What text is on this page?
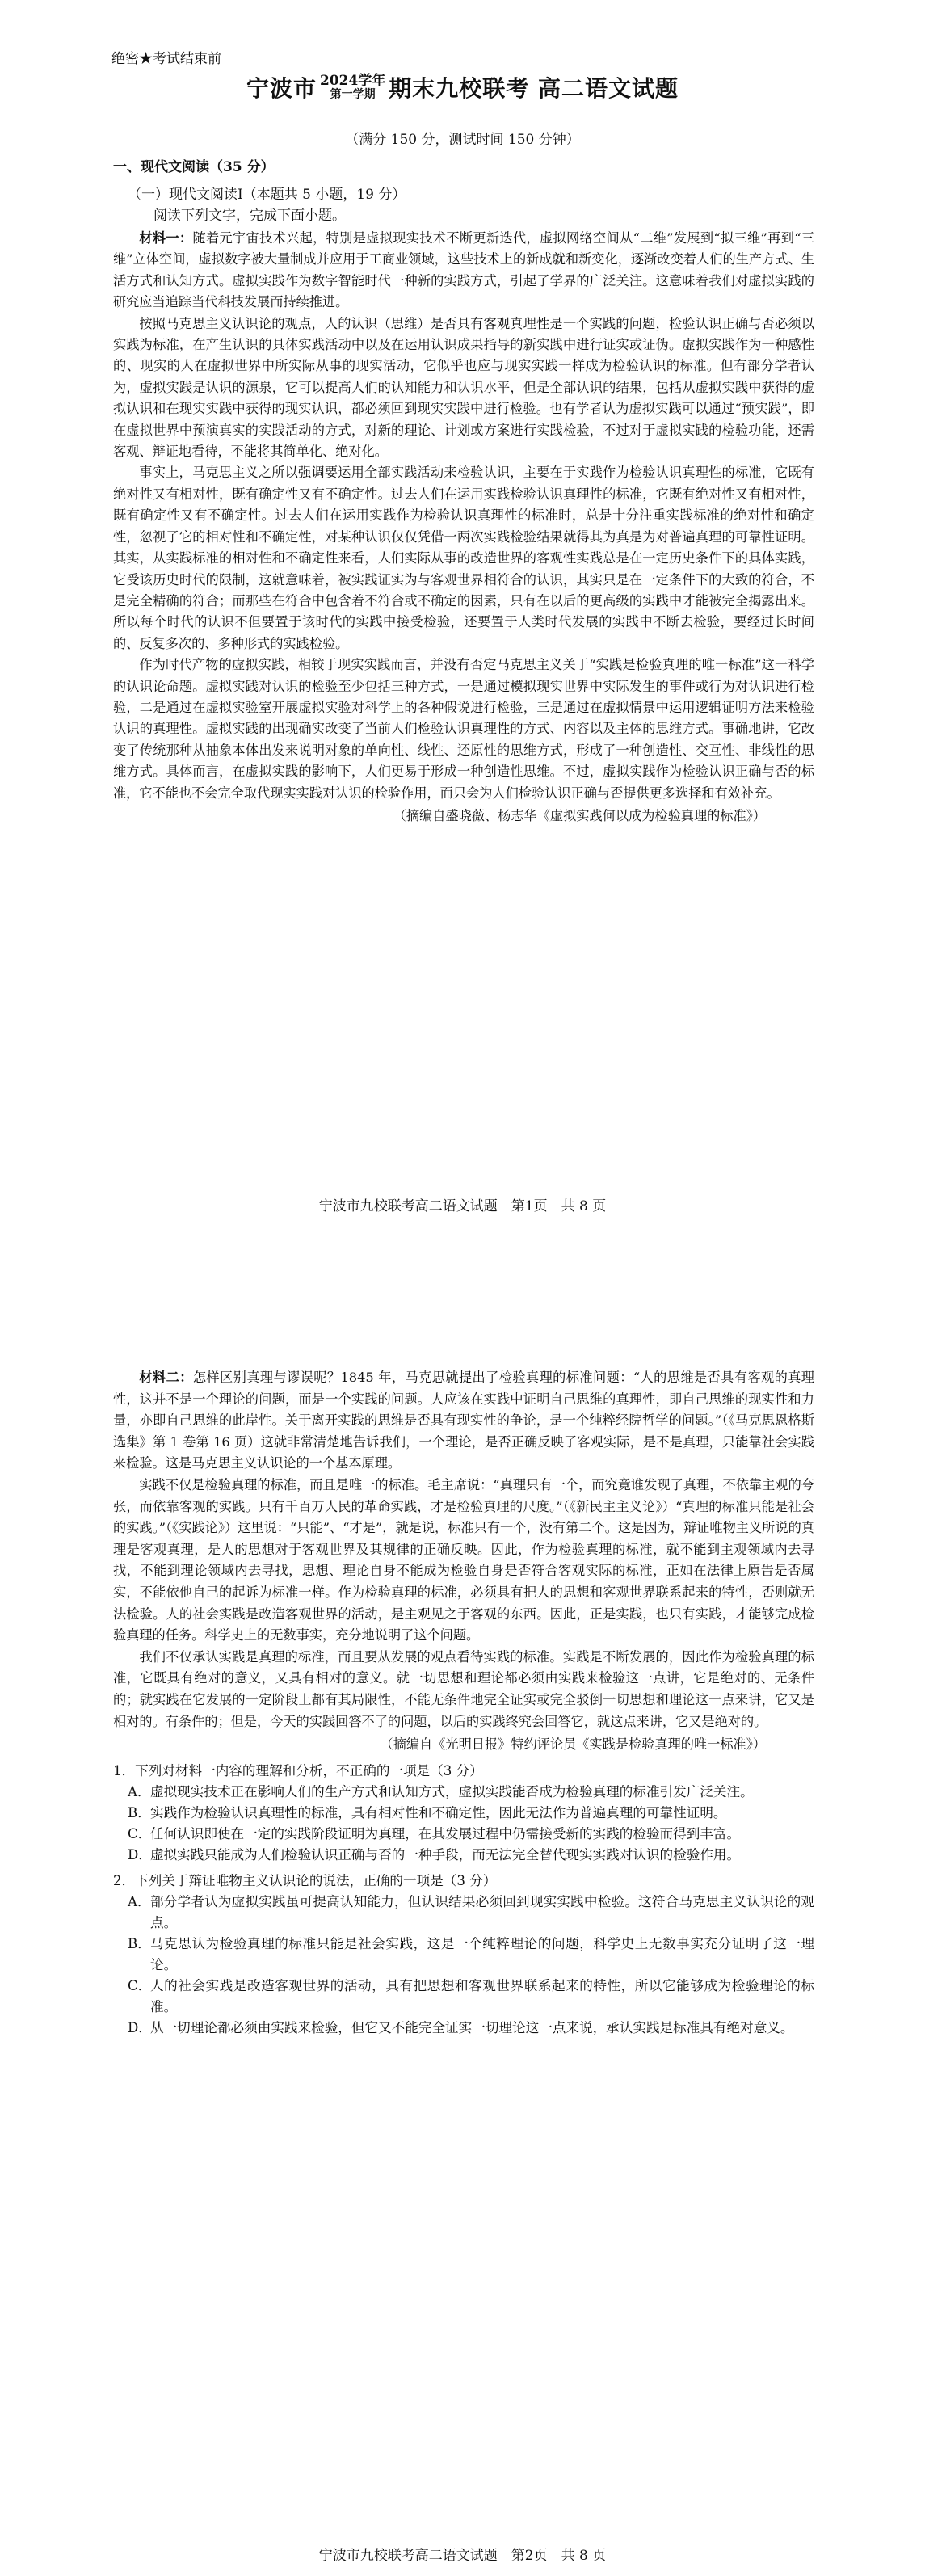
绝密★考试结束前
宁波市 2024学年
第一学期 期末九校联考 高二语文试题
（满分 150 分，测试时间 150 分钟）
一、现代文阅读（35 分）
（一）现代文阅读Ⅰ（本题共 5 小题，19 分）
阅读下列文字，完成下面小题。

材料一：随着元宇宙技术兴起，特别是虚拟现实技术不断更新迭代，虚拟网络空间从“二维”发展到“拟三维”再到“三维”立体空间，虚拟数字被大量制成并应用于工商业领域，这些技术上的新成就和新变化，逐渐改变着人们的生产方式、生活方式和认知方式。虚拟实践作为数字智能时代一种新的实践方式，引起了学界的广泛关注。这意味着我们对虚拟实践的研究应当追踪当代科技发展而持续推进。

按照马克思主义认识论的观点，人的认识（思维）是否具有客观真理性是一个实践的问题，检验认识正确与否必须以实践为标准，在产生认识的具体实践活动中以及在运用认识成果指导的新实践中进行证实或证伪。虚拟实践作为一种感性的、现实的人在虚拟世界中所实际从事的现实活动，它似乎也应与现实实践一样成为检验认识的标准。但有部分学者认为，虚拟实践是认识的源泉，它可以提高人们的认知能力和认识水平，但是全部认识的结果，包括从虚拟实践中获得的虚拟认识和在现实实践中获得的现实认识，都必须回到现实实践中进行检验。也有学者认为虚拟实践可以通过“预实践”，即在虚拟世界中预演真实的实践活动的方式，对新的理论、计划或方案进行实践检验，不过对于虚拟实践的检验功能，还需客观、辩证地看待，不能将其简单化、绝对化。

事实上，马克思主义之所以强调要运用全部实践活动来检验认识，主要在于实践作为检验认识真理性的标准，它既有绝对性又有相对性，既有确定性又有不确定性。过去人们在运用实践检验认识真理性的标准，它既有绝对性又有相对性，既有确定性又有不确定性。过去人们在运用实践作为检验认识真理性的标准时，总是十分注重实践标准的绝对性和确定性，忽视了它的相对性和不确定性，对某种认识仅仅凭借一两次实践检验结果就得其为真是为对普遍真理的可靠性证明。其实，从实践标准的相对性和不确定性来看，人们实际从事的改造世界的客观性实践总是在一定历史条件下的具体实践，它受该历史时代的限制，这就意味着，被实践证实为与客观世界相符合的认识，其实只是在一定条件下的大致的符合，不是完全精确的符合；而那些在符合中包含着不符合或不确定的因素，只有在以后的更高级的实践中才能被完全揭露出来。所以每个时代的认识不但要置于该时代的实践中接受检验，还要置于人类时代发展的实践中不断去检验，要经过长时间的、反复多次的、多种形式的实践检验。

作为时代产物的虚拟实践，相较于现实实践而言，并没有否定马克思主义关于“实践是检验真理的唯一标准”这一科学的认识论命题。虚拟实践对认识的检验至少包括三种方式，一是通过模拟现实世界中实际发生的事件或行为对认识进行检验，二是通过在虚拟实验室开展虚拟实验对科学上的各种假说进行检验，三是通过在虚拟情景中运用逻辑证明方法来检验认识的真理性。虚拟实践的出现确实改变了当前人们检验认识真理性的方式、内容以及主体的思维方式。事确地讲，它改变了传统那种从抽象本体出发来说明对象的单向性、线性、还原性的思维方式，形成了一种创造性、交互性、非线性的思维方式。具体而言，在虚拟实践的影响下，人们更易于形成一种创造性思维。不过，虚拟实践作为检验认识正确与否的标准，它不能也不会完全取代现实实践对认识的检验作用，而只会为人们检验认识正确与否提供更多选择和有效补充。

（摘编自盛晓薇、杨志华《虚拟实践何以成为检验真理的标准》）
宁波市九校联考高二语文试题　第1页　共 8 页

材料二：怎样区别真理与谬误呢？1845 年，马克思就提出了检验真理的标准问题：“人的思维是否具有客观的真理性，这并不是一个理论的问题，而是一个实践的问题。人应该在实践中证明自己思维的真理性，即自己思维的现实性和力量，亦即自己思维的此岸性。关于离开实践的思维是否具有现实性的争论，是一个纯粹经院哲学的问题。”（《马克思恩格斯选集》第 1 卷第 16 页）这就非常清楚地告诉我们，一个理论，是否正确反映了客观实际，是不是真理，只能靠社会实践来检验。这是马克思主义认识论的一个基本原理。

实践不仅是检验真理的标准，而且是唯一的标准。毛主席说：“真理只有一个，而究竟谁发现了真理，不依靠主观的夸张，而依靠客观的实践。只有千百万人民的革命实践，才是检验真理的尺度。”（《新民主主义论》）“真理的标准只能是社会的实践。”（《实践论》）这里说：“只能”、“才是”，就是说，标准只有一个，没有第二个。这是因为，辩证唯物主义所说的真理是客观真理，是人的思想对于客观世界及其规律的正确反映。因此，作为检验真理的标准，就不能到主观领域内去寻找，不能到理论领域内去寻找，思想、理论自身不能成为检验自身是否符合客观实际的标准，正如在法律上原告是否属实，不能依他自己的起诉为标准一样。作为检验真理的标准，必须具有把人的思想和客观世界联系起来的特性，否则就无法检验。人的社会实践是改造客观世界的活动，是主观见之于客观的东西。因此，正是实践，也只有实践，才能够完成检验真理的任务。科学史上的无数事实，充分地说明了这个问题。

我们不仅承认实践是真理的标准，而且要从发展的观点看待实践的标准。实践是不断发展的，因此作为检验真理的标准，它既具有绝对的意义，又具有相对的意义。就一切思想和理论都必须由实践来检验这一点讲，它是绝对的、无条件的；就实践在它发展的一定阶段上都有其局限性，不能无条件地完全证实或完全驳倒一切思想和理论这一点来讲，它又是相对的。有条件的；但是，今天的实践回答不了的问题，以后的实践终究会回答它，就这点来讲，它又是绝对的。

（摘编自《光明日报》特约评论员《实践是检验真理的唯一标准》）
1．下列对材料一内容的理解和分析，不正确的一项是（3 分）
A． 虚拟现实技术正在影响人们的生产方式和认知方式，虚拟实践能否成为检验真理的标准引发广泛关注。
B． 实践作为检验认识真理性的标准，具有相对性和不确定性，因此无法作为普遍真理的可靠性证明。
C．
任何认识即使在一定的实践阶段证明为真理，在其发展过程中仍需接受新的实践的检验而得到丰富。
D．
虚拟实践只能成为人们检验认识正确与否的一种手段，而无法完全替代现实实践对认识的检验作用。
2．下列关于辩证唯物主义认识论的说法，正确的一项是（3 分）
A． 部分学者认为虚拟实践虽可提高认知能力，但认识结果必须回到现实实践中检验。这符合马克思主义认识论的观点。
B． 马克思认为检验真理的标准只能是社会实践，这是一个纯粹理论的问题，科学史上无数事实充分证明了这一理论。
C．
人的社会实践是改造客观世界的活动，具有把思想和客观世界联系起来的特性，所以它能够成为检验理论的标准。
D．
从一切理论都必须由实践来检验，但它又不能完全证实一切理论这一点来说，承认实践是标准具有绝对意义。
宁波市九校联考高二语文试题　第2页　共 8 页
